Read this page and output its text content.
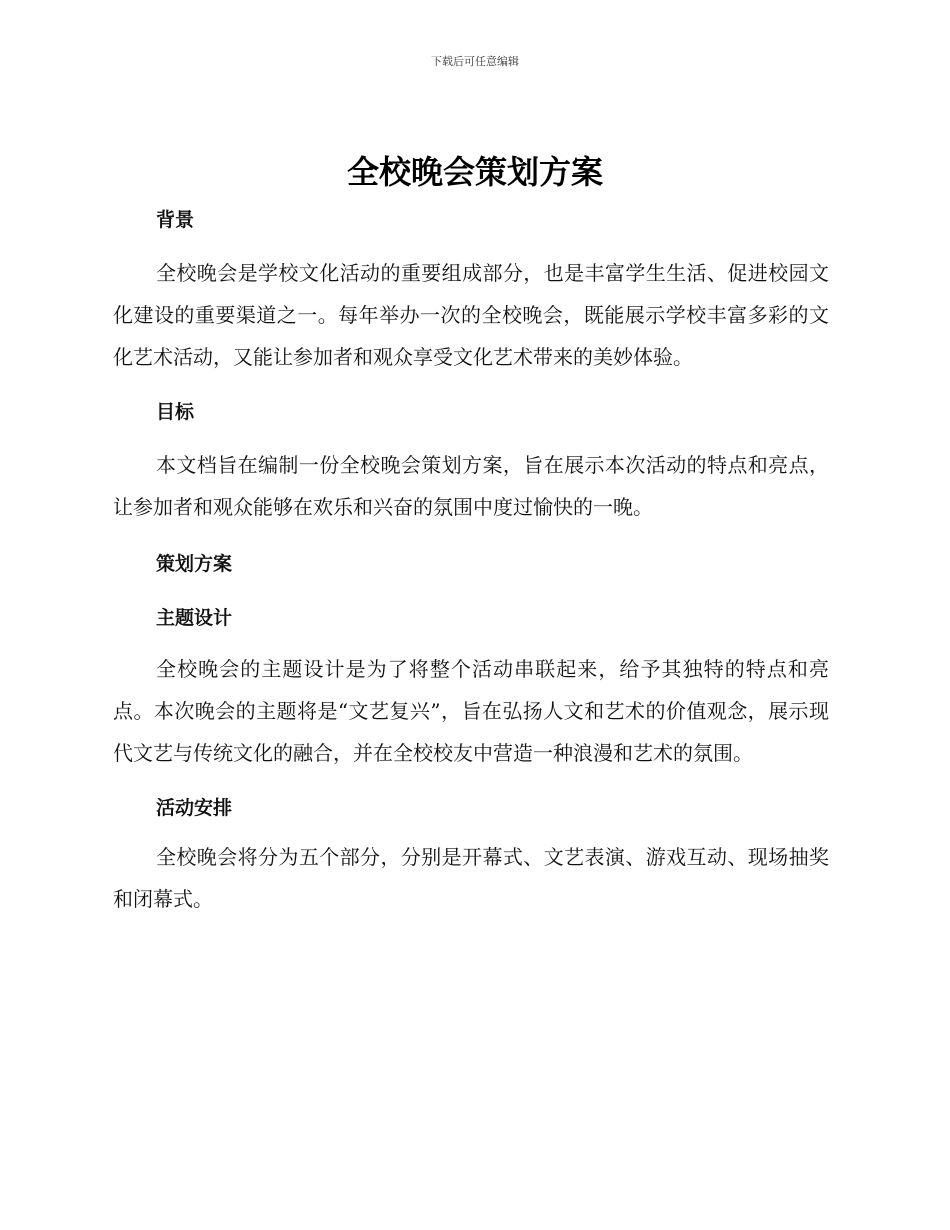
下载后可任意编辑
全校晚会策划方案
背景

全校晚会是学校文化活动的重要组成部分，也是丰富学生生活、促进校园文化建设的重要渠道之一。每年举办一次的全校晚会，既能展示学校丰富多彩的文化艺术活动，又能让参加者和观众享受文化艺术带来的美妙体验。

目标

本文档旨在编制一份全校晚会策划方案，旨在展示本次活动的特点和亮点，让参加者和观众能够在欢乐和兴奋的氛围中度过愉快的一晚。

策划方案
主题设计

全校晚会的主题设计是为了将整个活动串联起来，给予其独特的特点和亮点。本次晚会的主题将是“文艺复兴”，旨在弘扬人文和艺术的价值观念，展示现代文艺与传统文化的融合，并在全校校友中营造一种浪漫和艺术的氛围。

活动安排

全校晚会将分为五个部分，分别是开幕式、文艺表演、游戏互动、现场抽奖和闭幕式。
